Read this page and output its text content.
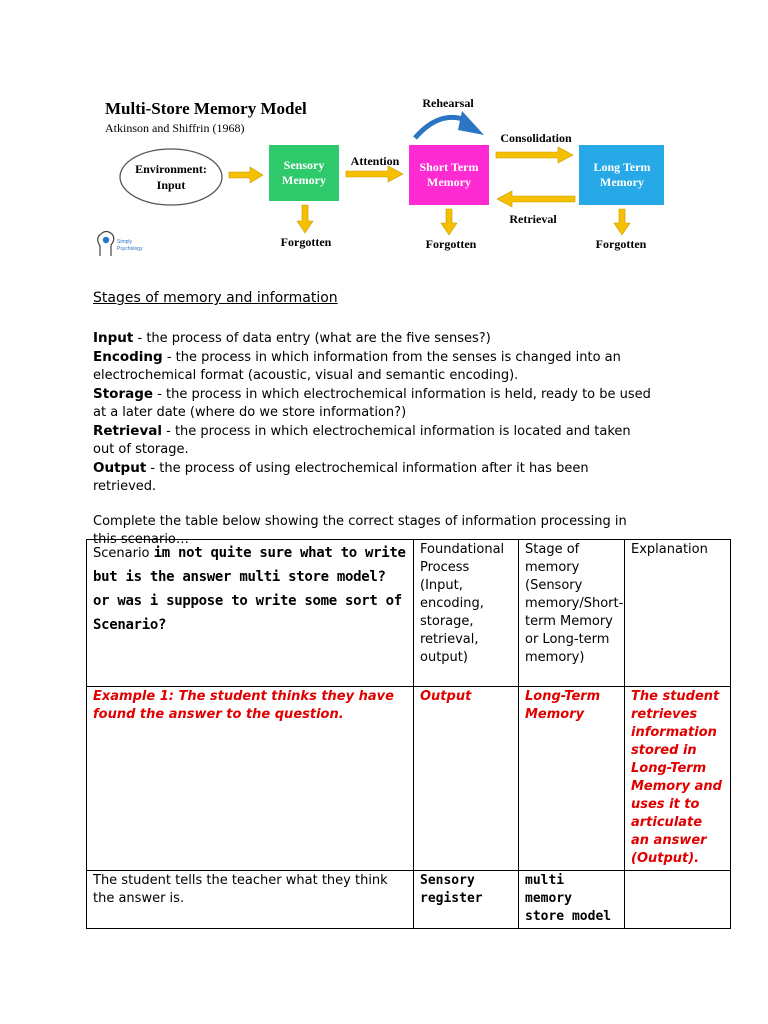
Multi-Store Memory Model
Atkinson and Shiffrin (1968)
Environment:
Input
Sensory
Memory
Attention Short Term
Memory
Rehearsal
Consolidation
Retrieval
Long Term
Memory
Forgotten	Forgotten	Forgotten
Simply
Psychology
Stages of memory and information

Input - the process of data entry (what are the five senses?)

Encoding - the process in which information from the senses is changed into an electrochemical format (acoustic, visual and semantic encoding).

Storage - the process in which electrochemical information is held, ready to be used at a later date (where do we store information?)

Retrieval - the process in which electrochemical information is located and taken out of storage.

Output - the process of using electrochemical information after it has been retrieved.

Complete the table below showing the correct stages of information processing in this scenario…

Scenario im not quite sure what to write but is the answer multi store model? or was i suppose to write some sort of Scenario?	Foundational Process (Input, encoding, storage, retrieval, output)	Stage of memory (Sensory memory/Short-term Memory or Long-term memory)	Explanation
Example 1: The student thinks they have found the answer to the question.	Output	Long-Term Memory	The student retrieves information stored in Long-Term Memory and uses it to articulate an answer (Output).
The student tells the teacher what they think the answer is.	Sensory register	multi memory store model	
